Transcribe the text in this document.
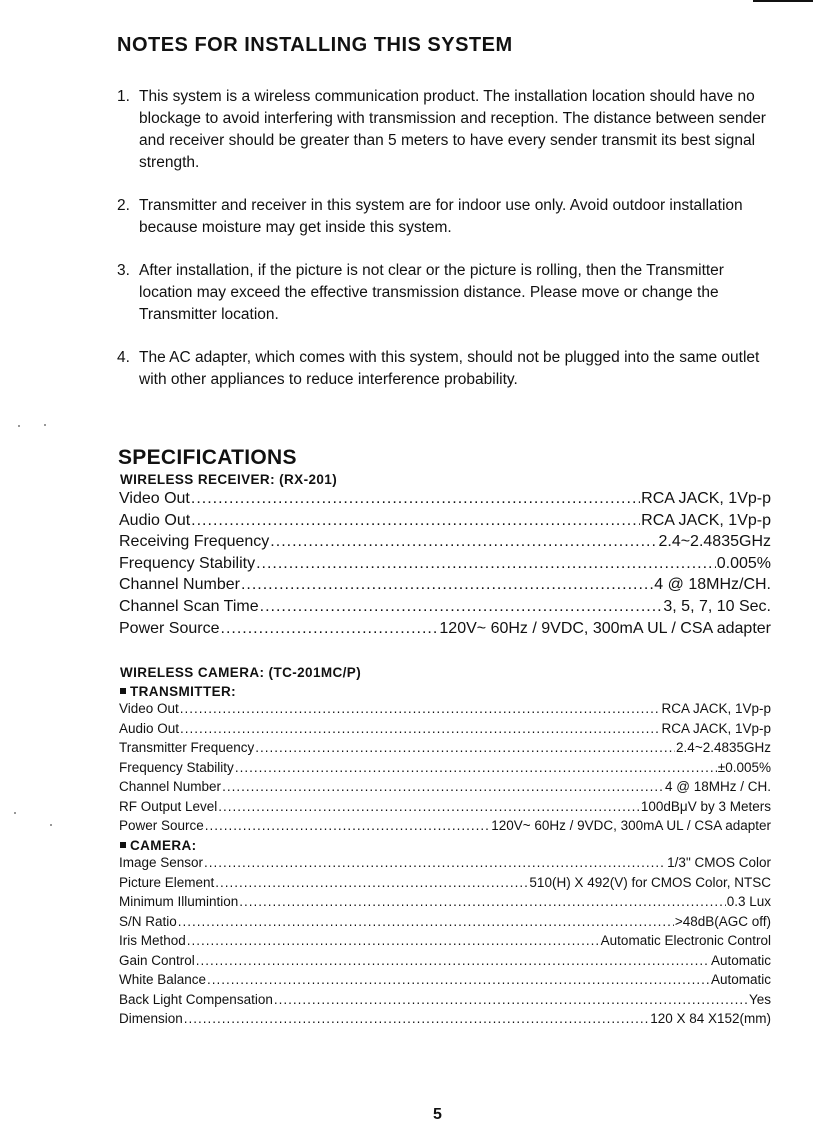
NOTES FOR INSTALLING THIS SYSTEM
1. This system is a wireless communication product. The installation location should have no blockage to avoid interfering with transmission and reception. The distance between sender and receiver should be greater than 5 meters to have every sender transmit its best signal strength.
2. Transmitter and receiver in this system are for indoor use only. Avoid outdoor installation because moisture may get inside this system.
3. After installation, if the picture is not clear or the picture is rolling, then the Transmitter location may exceed the effective transmission distance. Please move or change the Transmitter location.
4. The AC adapter, which comes with this system, should not be plugged into the same outlet with other appliances to reduce interference probability.
SPECIFICATIONS
WIRELESS RECEIVER: (RX-201)
Video Out .....	RCA JACK, 1Vp-p
Audio Out .....	RCA JACK, 1Vp-p
Receiving Frequency .....	2.4~2.4835GHz
Frequency Stability .....	0.005%
Channel Number .....	4 @ 18MHz/CH.
Channel Scan Time .....	3, 5, 7, 10 Sec.
Power Source .....	120V~ 60Hz / 9VDC, 300mA UL / CSA adapter
WIRELESS CAMERA: (TC-201MC/P)
TRANSMITTER:
Video Out .....	RCA JACK, 1Vp-p
Audio Out .....	RCA JACK, 1Vp-p
Transmitter Frequency .....	2.4~2.4835GHz
Frequency Stability .....	±0.005%
Channel Number .....	4 @ 18MHz / CH.
RF Output Level .....	100dBμV by 3 Meters
Power Source .....	120V~ 60Hz / 9VDC, 300mA UL / CSA adapter
CAMERA:
Image Sensor .....	1/3" CMOS Color
Picture Element .....	510(H) X 492(V) for CMOS Color, NTSC
Minimum Illumintion .....	0.3 Lux
S/N Ratio .....	>48dB(AGC off)
Iris Method .....	Automatic Electronic Control
Gain Control .....	Automatic
White Balance .....	Automatic
Back Light Compensation .....	Yes
Dimension .....	120 X 84 X152(mm)
5
